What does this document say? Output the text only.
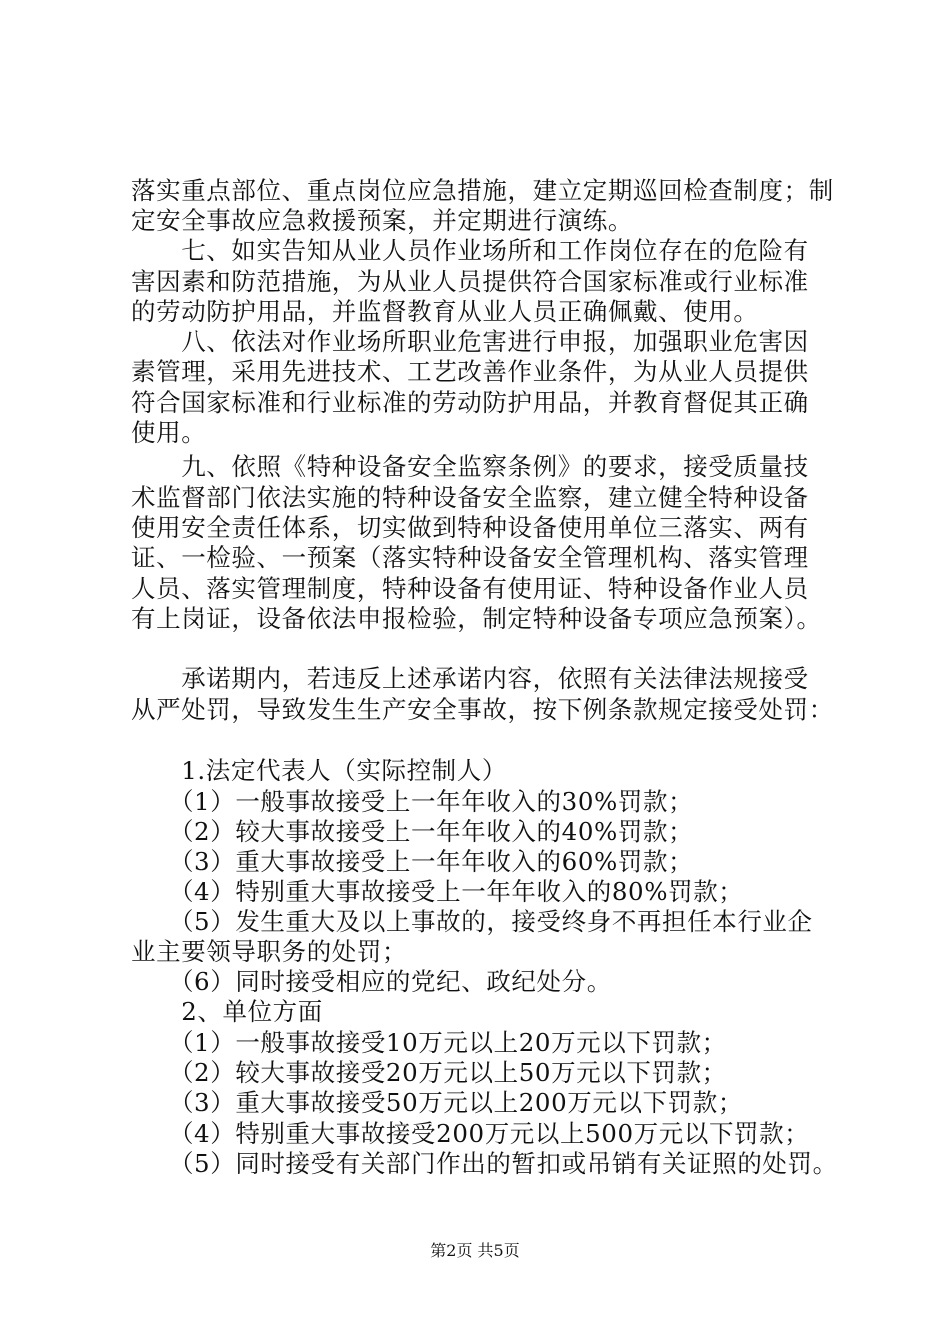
落实重点部位、重点岗位应急措施，建立定期巡回检查制度；制
定安全事故应急救援预案，并定期进行演练。
　　七、如实告知从业人员作业场所和工作岗位存在的危险有
害因素和防范措施，为从业人员提供符合国家标准或行业标准
的劳动防护用品，并监督教育从业人员正确佩戴、使用。
　　八、依法对作业场所职业危害进行申报，加强职业危害因
素管理，采用先进技术、工艺改善作业条件，为从业人员提供
符合国家标准和行业标准的劳动防护用品，并教育督促其正确
使用。
　　九、依照《特种设备安全监察条例》的要求，接受质量技
术监督部门依法实施的特种设备安全监察，建立健全特种设备
使用安全责任体系，切实做到特种设备使用单位三落实、两有
证、一检验、一预案（落实特种设备安全管理机构、落实管理
人员、落实管理制度，特种设备有使用证、特种设备作业人员
有上岗证，设备依法申报检验，制定特种设备专项应急预案）。
　　承诺期内，若违反上述承诺内容，依照有关法律法规接受
从严处罚，导致发生生产安全事故，按下例条款规定接受处罚：
　　1.法定代表人（实际控制人）
　　（1）一般事故接受上一年年收入的30%罚款；
　　（2）较大事故接受上一年年收入的40%罚款；
　　（3）重大事故接受上一年年收入的60%罚款；
　　（4）特别重大事故接受上一年年收入的80%罚款；
　　（5）发生重大及以上事故的，接受终身不再担任本行业企
业主要领导职务的处罚；
　　（6）同时接受相应的党纪、政纪处分。
　　2、单位方面
　　（1）一般事故接受10万元以上20万元以下罚款；
　　（2）较大事故接受20万元以上50万元以下罚款；
　　（3）重大事故接受50万元以上200万元以下罚款；
　　（4）特别重大事故接受200万元以上500万元以下罚款；
　　（5）同时接受有关部门作出的暂扣或吊销有关证照的处罚。
第2页 共5页
